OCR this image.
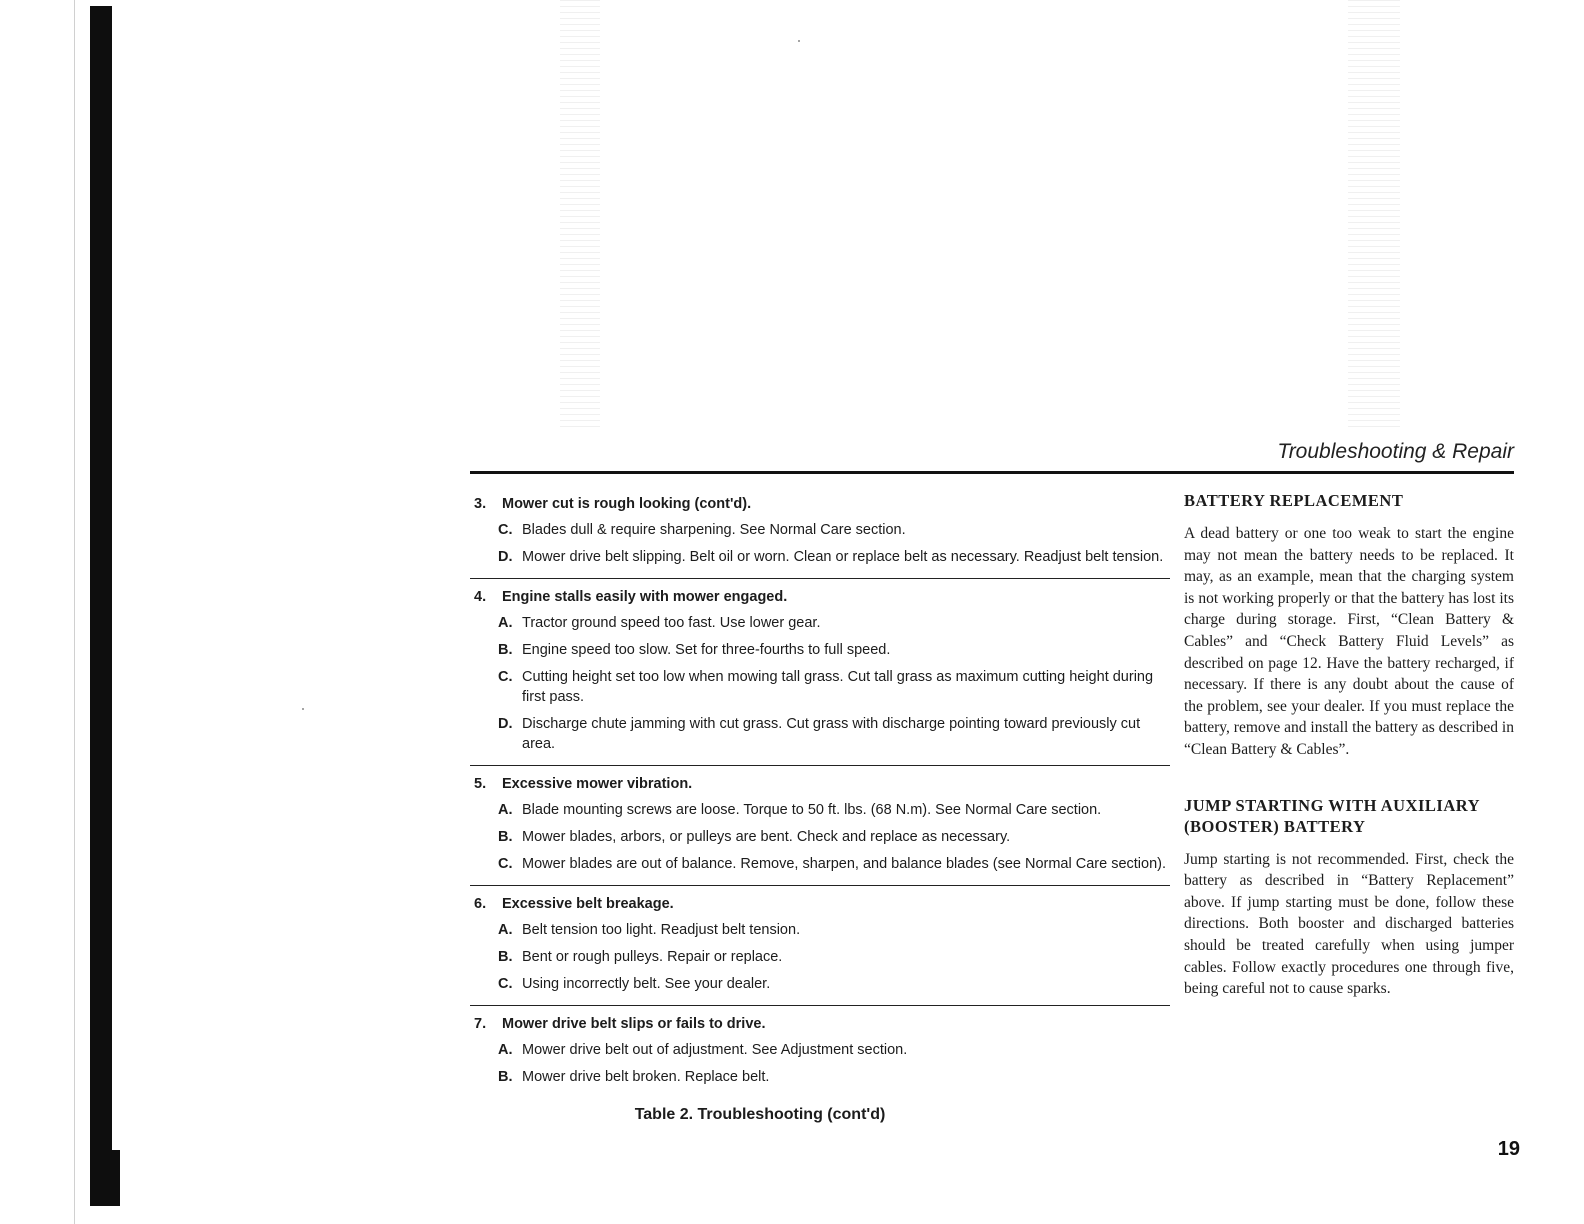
Troubleshooting & Repair
3.	Mower cut is rough looking (cont'd).
C. Blades dull & require sharpening. See Normal Care section.
D. Mower drive belt slipping. Belt oil or worn. Clean or replace belt as necessary. Readjust belt tension.
4.	Engine stalls easily with mower engaged.
A. Tractor ground speed too fast. Use lower gear.
B. Engine speed too slow. Set for three-fourths to full speed.
C. Cutting height set too low when mowing tall grass. Cut tall grass as maximum cutting height during first pass.
D. Discharge chute jamming with cut grass. Cut grass with discharge pointing toward previously cut area.
5.	Excessive mower vibration.
A. Blade mounting screws are loose. Torque to 50 ft. lbs. (68 N.m). See Normal Care section.
B. Mower blades, arbors, or pulleys are bent. Check and replace as necessary.
C. Mower blades are out of balance. Remove, sharpen, and balance blades (see Normal Care section).
6.	Excessive belt breakage.
A. Belt tension too light. Readjust belt tension.
B. Bent or rough pulleys. Repair or replace.
C. Using incorrectly belt. See your dealer.
7.	Mower drive belt slips or fails to drive.
A. Mower drive belt out of adjustment. See Adjustment section.
B. Mower drive belt broken. Replace belt.
Table 2. Troubleshooting (cont'd)
BATTERY REPLACEMENT

A dead battery or one too weak to start the engine may not mean the battery needs to be replaced. It may, as an example, mean that the charging system is not working properly or that the battery has lost its charge during storage. First, “Clean Battery & Cables” and “Check Battery Fluid Levels” as described on page 12. Have the battery recharged, if necessary. If there is any doubt about the cause of the problem, see your dealer. If you must replace the battery, remove and install the battery as described in “Clean Battery & Cables”.

JUMP STARTING WITH AUXILIARY (BOOSTER) BATTERY

Jump starting is not recommended. First, check the battery as described in “Battery Replacement” above. If jump starting must be done, follow these directions. Both booster and discharged batteries should be treated carefully when using jumper cables. Follow exactly procedures one through five, being careful not to cause sparks.

19
